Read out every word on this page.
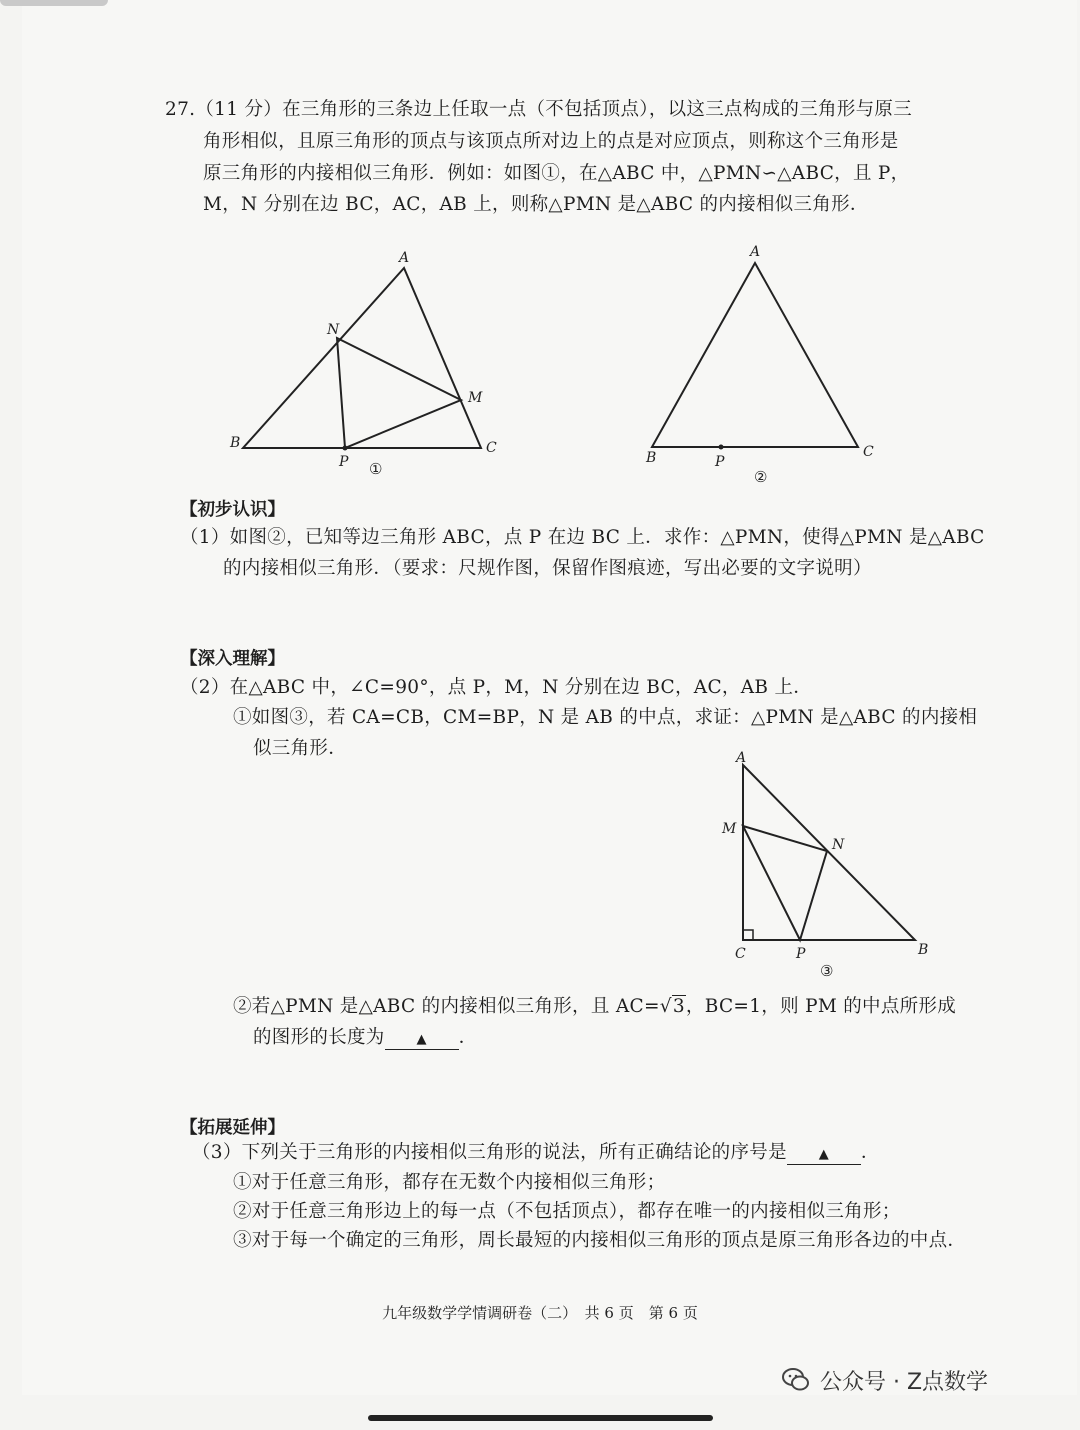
27.（11 分）在三角形的三条边上任取一点（不包括顶点），以这三点构成的三角形与原三
角形相似，且原三角形的顶点与该顶点所对边上的点是对应顶点，则称这个三角形是
原三角形的内接相似三角形．例如：如图①，在△ABC 中，△PMN∽△ABC，且 P，
M，N 分别在边 BC，AC，AB 上，则称△PMN 是△ABC 的内接相似三角形．
A
B	C
M
N
P ①
A
B	C
P
②
A
M
N
C	P	B
③
【初步认识】
（1）如图②，已知等边三角形 ABC，点 P 在边 BC 上．求作：△PMN，使得△PMN 是△ABC
的内接相似三角形．（要求：尺规作图，保留作图痕迹，写出必要的文字说明）
【深入理解】
（2）在△ABC 中，∠C=90°，点 P，M，N 分别在边 BC，AC，AB 上．
①如图③，若 CA=CB，CM=BP，N 是 AB 的中点，求证：△PMN 是△ABC 的内接相
似三角形．
②若△PMN 是△ABC 的内接相似三角形，且 AC=√3，BC=1，则 PM 的中点所形成
的图形的长度为 ▲ ．
【拓展延伸】
（3）下列关于三角形的内接相似三角形的说法，所有正确结论的序号是 ▲ ．
①对于任意三角形，都存在无数个内接相似三角形；
②对于任意三角形边上的每一点（不包括顶点），都存在唯一的内接相似三角形；
③对于每一个确定的三角形，周长最短的内接相似三角形的顶点是原三角形各边的中点．
九年级数学学情调研卷（二）　共 6 页　第 6 页
公众号 · Z点数学
